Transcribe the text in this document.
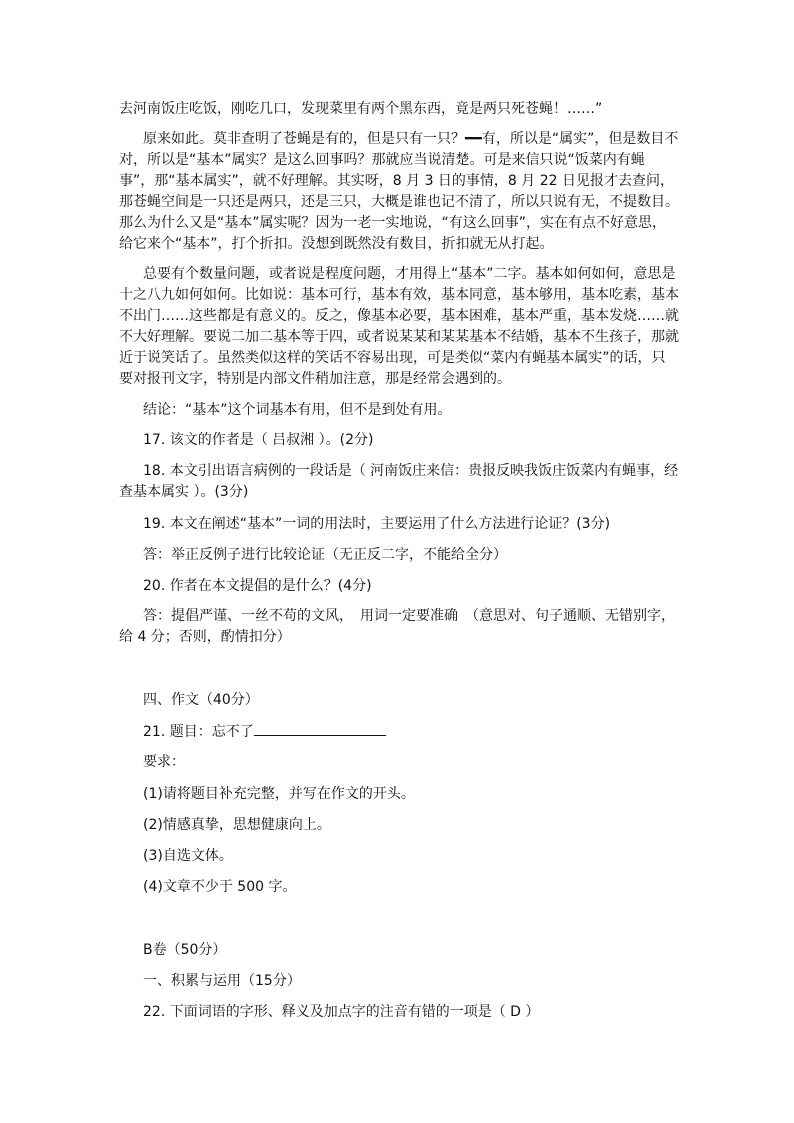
去河南饭庄吃饭，刚吃几口，发现菜里有两个黑东西，竟是两只死苍蝇！……”

原来如此。莫非查明了苍蝇是有的，但是只有一只？━━有，所以是“属实”，但是数目不对，所以是“基本”属实？是这么回事吗？那就应当说清楚。可是来信只说“饭菜内有蝇事”，那“基本属实”，就不好理解。其实呀，8 月 3 日的事情，8 月 22 日见报才去查问，那苍蝇空间是一只还是两只，还是三只，大概是谁也记不清了，所以只说有无，不提数目。那么为什么又是“基本”属实呢？因为一老一实地说，“有这么回事”，实在有点不好意思，给它来个“基本”，打个折扣。没想到既然没有数目，折扣就无从打起。

总要有个数量问题，或者说是程度问题，才用得上“基本”二字。基本如何如何，意思是十之八九如何如何。比如说：基本可行，基本有效，基本同意，基本够用，基本吃素，基本不出门……这些都是有意义的。反之，像基本必要，基本困难，基本严重，基本发烧……就不大好理解。要说二加二基本等于四，或者说某某和某某基本不结婚，基本不生孩子，那就近于说笑话了。虽然类似这样的笑话不容易出现，可是类似“菜内有蝇基本属实”的话，只要对报刊文字，特别是内部文件稍加注意，那是经常会遇到的。

结论：“基本”这个词基本有用，但不是到处有用。

17. 该文的作者是（ 吕叔湘 ）。(2分)

18. 本文引出语言病例的一段话是（ 河南饭庄来信：贵报反映我饭庄饭菜内有蝇事，经查基本属实 ）。(3分)

19. 本文在阐述“基本”一词的用法时，主要运用了什么方法进行论证？(3分)

答：举正反例子进行比较论证（无正反二字，不能给全分）

20. 作者在本文提倡的是什么？(4分)

答：提倡严谨、一丝不苟的文风，　用词一定要准确　（意思对、句子通顺、无错别字，给 4 分；否则，酌情扣分）

四、作文（40分）

21. 题目：忘不了

要求：

(1)请将题目补充完整，并写在作文的开头。

(2)情感真挚，思想健康向上。

(3)自选文体。

(4)文章不少于 500 字。

B卷（50分）

一、积累与运用（15分）

22. 下面词语的字形、释义及加点字的注音有错的一项是（ D ）
